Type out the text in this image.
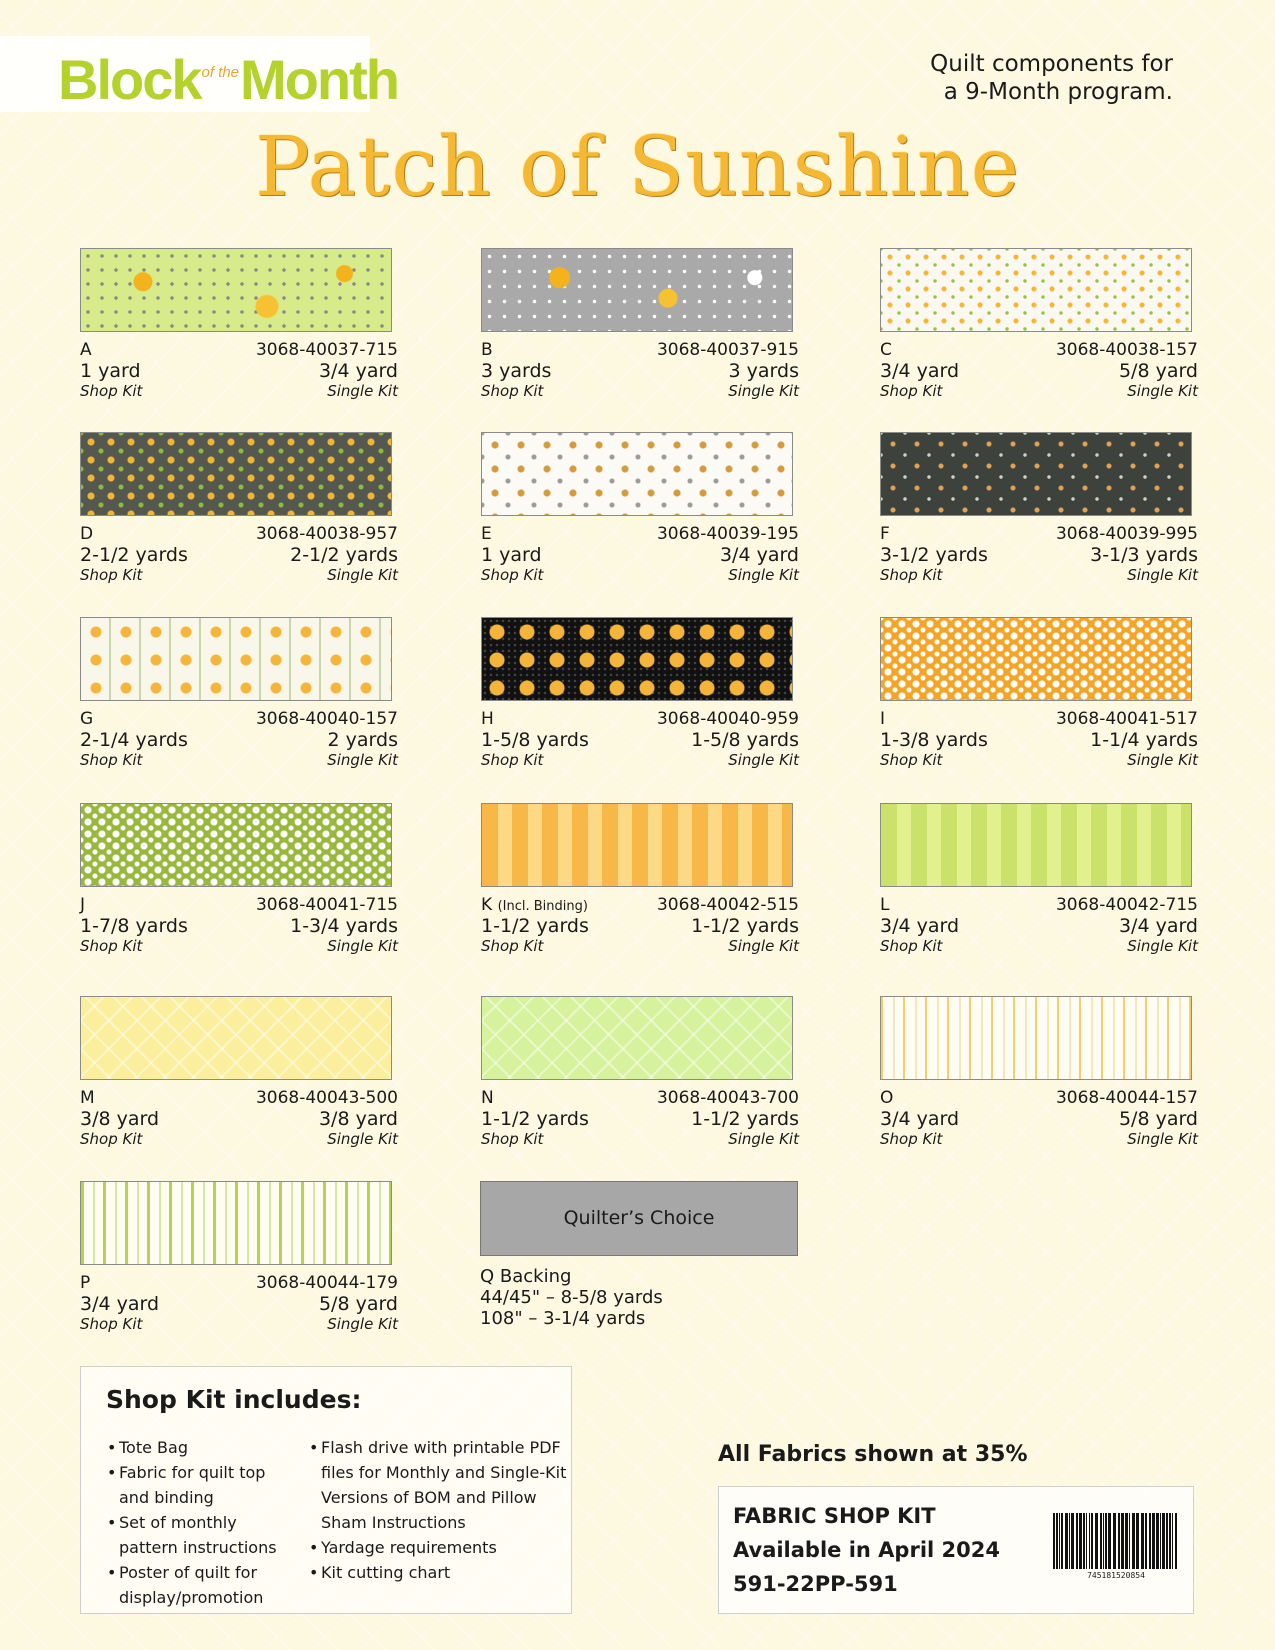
Block$^{of the}$Month	Quilt components for
a 9-Month program.
Patch of Sunshine
A	3068-40037-715
1 yard	3/4 yard
Shop Kit	Single Kit
B	3068-40037-915
3 yards	3 yards
Shop Kit	Single Kit
C	3068-40038-157
3/4 yard	5/8 yard
Shop Kit	Single Kit
D	3068-40038-957
2-1/2 yards	2-1/2 yards
Shop Kit	Single Kit
E	3068-40039-195
1 yard	3/4 yard
Shop Kit	Single Kit
F	3068-40039-995
3-1/2 yards	3-1/3 yards
Shop Kit	Single Kit
G	3068-40040-157
2-1/4 yards	2 yards
Shop Kit	Single Kit
H	3068-40040-959
1-5/8 yards	1-5/8 yards
Shop Kit	Single Kit
I	3068-40041-517
1-3/8 yards	1-1/4 yards
Shop Kit	Single Kit
J	3068-40041-715
1-7/8 yards	1-3/4 yards
Shop Kit	Single Kit
K (Incl. Binding)	3068-40042-515
1-1/2 yards	1-1/2 yards
Shop Kit	Single Kit
L	3068-40042-715
3/4 yard	3/4 yard
Shop Kit	Single Kit
M	3068-40043-500
3/8 yard	3/8 yard
Shop Kit	Single Kit
N	3068-40043-700
1-1/2 yards	1-1/2 yards
Shop Kit	Single Kit
O	3068-40044-157
3/4 yard	5/8 yard
Shop Kit	Single Kit
P	3068-40044-179
3/4 yard	5/8 yard
Shop Kit	Single Kit
Quilter’s Choice
Q Backing
44/45" – 8-5/8 yards
108" – 3-1/4 yards
Shop Kit includes:
• Tote Bag
• Fabric for quilt top and binding
• Set of monthly pattern instructions
• Poster of quilt for display/promotion
• Flash drive with printable PDF files for Monthly and Single-Kit Versions of BOM and Pillow Sham Instructions
• Yardage requirements
• Kit cutting chart
All Fabrics shown at 35%
FABRIC SHOP KIT
Available in April 2024
591-22PP-591	745181520854
